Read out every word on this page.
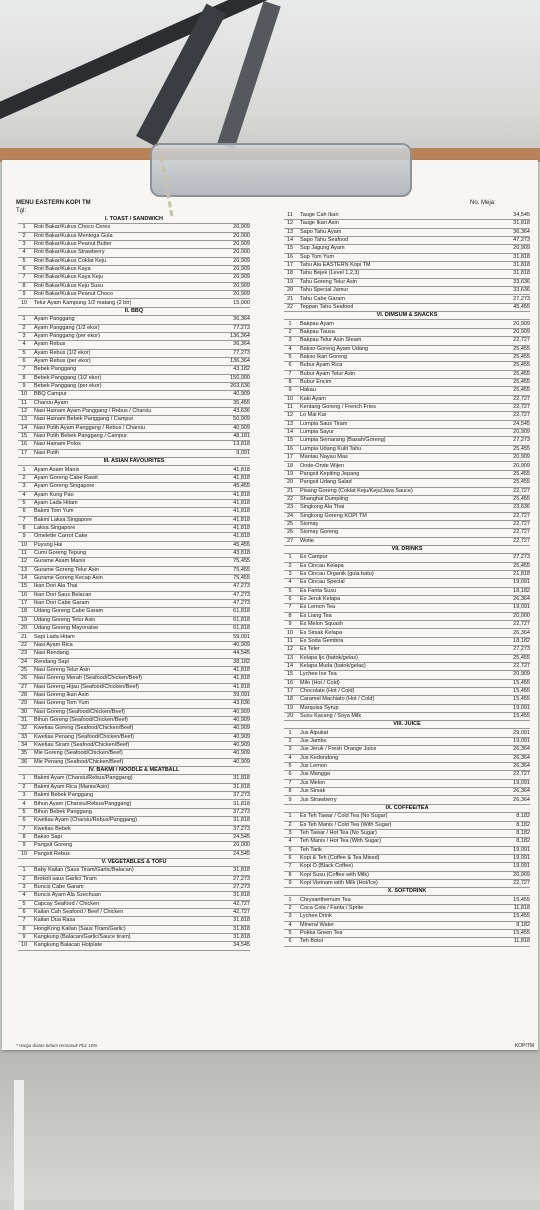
MENU EASTERN KOPI TM
Tgl:
No. Meja:
I. TOAST / SANDWICH
1	Roti Bakar/Kukus Choco Ceres	20,909
2	Roti Bakar/Kukus Mentega Gula	20,000
3	Roti Bakar/Kukus Peanut Butter	20,909
4	Roti Bakar/Kukus Strawberry	20,000
5	Roti Bakar/Kukus Coklat Keju	20,909
6	Roti Bakar/Kukus Kaya	20,909
7	Roti Bakar/Kukus Kaya Keju	20,909
8	Roti Bakar/Kukus Keju Susu	20,909
9	Roti Bakar/Kukus Peanut Choco	20,909
10	Telur Ayam Kampung 1/2 matang (2 btr)	15,000
II. BBQ
1	Ayam Panggang	36,364
2	Ayam Panggang (1/2 ekor)	77,273
3	Ayam Panggang (per ekor)	136,364
4	Ayam Rebus	36,364
5	Ayam Rebus (1/2 ekor)	77,273
6	Ayam Rebus (per ekor)	136,364
7	Bebek Panggang	43,182
8	Bebek Panggang (1/2 ekor)	150,000
9	Bebek Panggang (per ekor)	263,636
10	BBQ Campur	40,909
11	Charsiu Ayam	35,455
12	Nasi Hainam Ayam Panggang / Rebus / Charsiu	43,636
13	Nasi Hainam Bebek Panggang / Campur	50,909
14	Nasi Putih Ayam Panggang / Rebus / Charsiu	40,909
15	Nasi Putih Bebek Panggang / Campur	48,181
16	Nasi Hainam Polos	13,818
17	Nasi Putih	9,091
III. ASIAN FAVOURITES
1	Ayam Asam Manis	41,818
2	Ayam Goreng Cabe Rawit	41,818
3	Ayam Goreng Singapore	45,455
4	Ayam Kung Pao	41,818
5	Ayam Lada Hitam	41,818
6	Bakmi Tom Yum	41,818
7	Bakmi Laksa Singapore	41,818
8	Laksa Singapore	41,818
9	Omelette Carrot Cake	41,818
10	Puyung Hai	45,455
11	Cumi Goreng Tepung	43,818
12	Gurame Asam Manis	75,455
13	Gurame Goreng Telur Asin	75,455
14	Gurame Goreng Kecap Asin	75,455
15	Ikan Dori Ala Thai	47,273
16	Ikan Dori Saus Belacan	47,273
17	Ikan Dori Cabe Garam	47,273
18	Udang Goreng Cabe Garam	61,818
19	Udang Goreng Telur Asin	61,818
20	Udang Goreng Mayonaise	61,818
21	Sapi Lada Hitam	59,091
22	Nasi Ayam Rica	40,909
23	Nasi Rendang	44,545
24	Rendang Sapi	38,182
25	Nasi Goreng Telur Asin	41,818
26	Nasi Goreng Merah (Seafood/Chicken/Beef)	41,818
27	Nasi Goreng Hijau (Seafood/Chicken/Beef)	41,818
28	Nasi Goreng Ikan Asin	39,091
29	Nasi Goreng Tom Yum	43,636
30	Nasi Goreng (Seafood/Chicken/Beef)	40,909
31	Bihun Goreng (Seafood/Chicken/Beef)	40,909
32	Kwetiau Goreng (Seafood/Chicken/Beef)	40,909
33	Kwetiau Penang (Seafood/Chicken/Beef)	40,909
34	Kwetiau Siram (Seafood/Chicken/Beef)	40,909
35	Mie Goreng (Seafood/Chicken/Beef)	40,909
36	Mie Penang (Seafood/Chicken/Beef)	40,909
IV. BAKMI / NOODLE & MEATBALL
1	Bakmi Ayam (Charsiu/Rebus/Panggang)	31,818
2	Bakmi Ayam Rica (Manis/Asin)	31,818
3	Bakmi Bebek Panggang	37,273
4	Bihun Ayam (Charsiu/Rebus/Panggang)	31,818
5	Bihun Bebek Panggang	37,273
6	Kwetiau Ayam (Charsiu/Rebus/Panggang)	31,818
7	Kwetiau Bebek	37,273
8	Bakso Sapi	24,545
9	Pangsit Goreng	20,000
10	Pangsit Rebus	24,545
V. VEGETABLES & TOFU
1	Baby Kailan (Saus Tiram/Garlic/Balacan)	31,818
2	Brokoli saus Garlic/ Tiram	27,273
3	Buncis Cabe Garam	27,273
4	Buncis Ayam Ala Szechuan	31,818
5	Capcay Seafood / Chicken	42,727
6	Kailan Cah Seafood / Beef / Chicken	42,727
7	Kailan Dua Rasa	31,818
8	HongKong Kailan (Saus Tiram/Garlic)	31,818
9	Kangkung (Balacan/Garlic/Sauce tiram)	31,818
10	Kangkung Balacan Hotplate	34,545
11	Tauge Cah Ikan	34,545
12	Tauge Ikan Asin	31,818
13	Sapo Tahu Ayam	36,364
14	Sapo Tahu Seafood	47,273
15	Sup Jagung Ayam	20,909
16	Sup Tom Yum	31,818
17	Tahu Ala EASTERN Kopi TM	31,818
18	Tahu Bejek (Level 1,2,3)	31,818
19	Tahu Goreng Telur Asin	33,636
20	Tahu Special Jamur	33,636
21	Tahu Cabe Garam	27,273
22	Teppan Tahu Seafood	45,455
VI. DIMSUM & SNACKS
1	Bakpau Ayam	20,909
2	Bakpau Tausa	20,909
3	Bakpau Telur Asin Steam	22,727
4	Bakso Goreng Ayam Udang	25,455
5	Bakso Ikan Goreng	25,455
6	Bubur Ayam Rica	25,455
7	Bubur Ayam Telur Asin	25,455
8	Bubur Encim	25,455
9	Hakau	25,455
10	Kaki Ayam	22,727
11	Kentang Goreng / French Fries	22,727
12	Lo Mai Kai	22,727
13	Lumpia Saus Tiram	24,545
14	Lumpia Sayur	20,909
15	Lumpia Semarang (Basah/Goreng)	27,273
16	Lumpia Udang Kulit Tahu	25,455
17	Mantau Nayau Mas	20,909
18	Onde-Onde Wijen	20,909
19	Pangsit Kepiting Jepang	25,455
20	Pangsit Udang Salad	25,455
21	Pisang Goreng (Coklat Keju/Keju/Java Sauce)	22,727
22	Shanghai Dumpling	25,455
23	Singkong Ala Thai	23,636
24	Singkong Goreng KOPI TM	22,727
25	Siomay	22,727
26	Siomay Goreng	22,727
27	Wotie	22,727
VII. DRINKS
1	Es Campur	27,273
2	Es Cincau Kelapa	25,455
3	Es Cincau Organik (gula batu)	21,818
4	Es Cincau Special	19,091
5	Es Fanta Susu	18,182
6	Es Jeruk Kelapa	26,364
7	Es Lemon Tea	19,091
8	Es Liang Tea	20,000
9	Es Melon Squash	22,727
10	Es Sirsak Kelapa	26,364
11	Es Soda Gembira	18,182
12	Es Teler	27,273
13	Kelapa Ijo (batok/gelas)	25,455
14	Kelapa Muda (batok/gelas)	22,727
15	Lychee Ice Tea	20,909
16	Milo (Hot / Cold)	15,455
17	Chocolate (Hot / Cold)	15,455
18	Caramel Machiato (Hot / Cold)	15,455
19	Marquisa Syrup	19,091
20	Susu Kacang / Soya Milk	15,455
VIII. JUICE
1	Jus Alpukat	29,091
2	Jus Jambu	19,091
3	Jus Jeruk / Fresh Orange Juice	26,364
4	Jus Kedondong	26,364
5	Jus Lemon	26,364
6	Jus Mangga	22,727
7	Jus Melon	19,091
8	Jus Sirsak	26,364
9	Jus Strawberry	26,364
IX. COFFEE/TEA
1	Es Teh Tawar / Cold Tea (No Sugar)	8,182
2	Es Teh Manis / Cold Tea (With Sugar)	8,182
3	Teh Tawar / Hot Tea (No Sugar)	8,182
4	Teh Manis / Hot Tea (With Sugar)	8,182
5	Teh Tarik	19,091
6	Kopi & Teh (Coffee & Tea Mixed)	19,091
7	Kopi O (Black Coffee)	19,091
8	Kopi Susu (Coffee with Milk)	20,909
9	Kopi Vietnam with Milk (Hot/Ice)	22,727
X. SOFTDRINK
1	Chrysanthemum Tea	15,455
2	Coca Cola / Fanta / Sprite	11,818
3	Lychee Drink	15,455
4	Mineral Water	8,182
5	Pokka Green Tea	15,455
6	Teh Botol	11,818
* Harga diatas belum termasuk Pb1 10%	KOPITM
